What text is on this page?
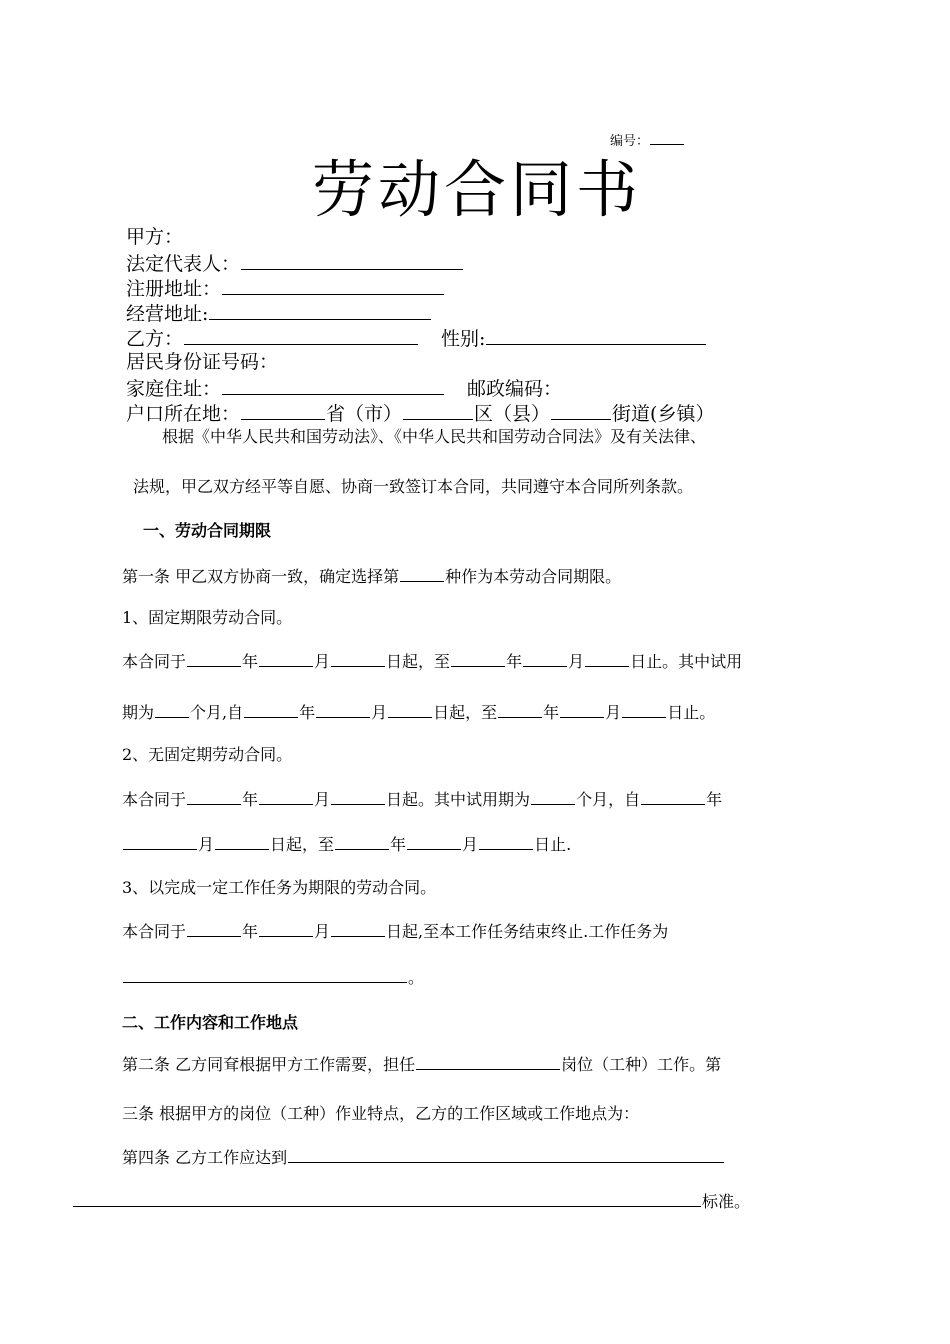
编号：
劳动合同书
甲方：
法定代表人：
注册地址：
经营地址:
乙方：	性别:
居民身份证号码：
家庭住址：	邮政编码：
户口所在地：	省（市）	区（县）	街道(乡镇）
根据《中华人民共和国劳动法》、《中华人民共和国劳动合同法》及有关法律、
法规，甲乙双方经平等自愿、协商一致签订本合同，共同遵守本合同所列条款。
一、劳动合同期限
第一条 甲乙双方协商一致，确定选择第	种作为本劳动合同期限。
1、固定期限劳动合同。
本合同于	年	月	日起，至	年	月	日止。其中试用
期为 个月,自	年	月	日起，至	年	月	日止。
2、无固定期劳动合同。
本合同于	年	月	日起。其中试用期为	个月，自	年
月	日起，至	年	月	日止.
3、以完成一定工作任务为期限的劳动合同。
本合同于	年	月	日起,至本工作任务结束终止.工作任务为
。
二、工作内容和工作地点
第二条 乙方同耷根据甲方工作需要，担任	岗位（工种）工作。第
三条 根据甲方的岗位（工种）作业特点，乙方的工作区域或工作地点为：
第四条 乙方工作应达到
标准。
